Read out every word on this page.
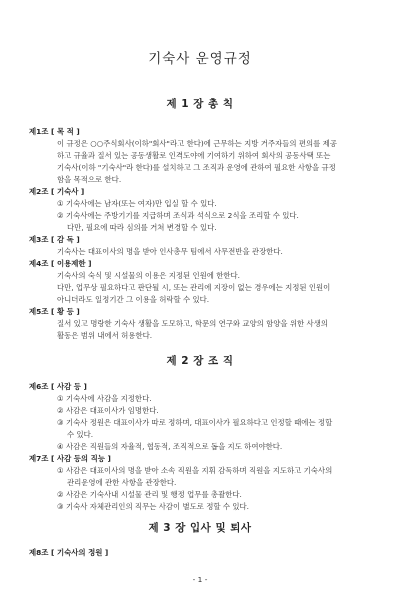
기숙사 운영규정
제 1 장 총 칙
제1조 [ 목 적 ]
이 규정은 ○○주식회사(이하"회사"라고 한다)에 근무하는 지방 거주자들의 편의를 제공
하고 규율과 질서 있는 공동생활로 인격도야에 기여하기 위하여 회사의 공동사택 또는
기숙사(이하 "기숙사"라 한다)를 설치하고 그 조직과 운영에 관하여 필요한 사항을 규정
함을 목적으로 한다.
제2조 [ 기숙사 ]
① 기숙사에는 남자(또는 여자)만 입실 할 수 있다.
② 기숙사에는 주방기기를 지급하며 조식과 석식으로 2식을 조리할 수 있다.
다만, 필요에 따라 심의를 거쳐 변경할 수 있다.
제3조 [ 감 독 ]
기숙사는 대표이사의 명을 받아 인사총무 팀에서 사무전반을 관장한다.
제4조 [ 이용제한 ]
기숙사의 숙식 및 시설물의 이용은 지정된 인원에 한한다.
다만, 업무상 필요하다고 판단될 시, 또는 관리에 지장이 없는 경우에는 지정된 인원이
아니더라도 일정기간 그 이용을 허락할 수 있다.
제5조 [ 황 등 ]
질서 있고 명랑한 기숙사 생활을 도모하고, 학문의 연구와 교양의 함양을 위한 사생의
활동은 범위 내에서 허용한다.
제 2 장 조 직
제6조 [ 사감 등 ]
① 기숙사에 사감을 지정한다.
② 사감은 대표이사가 임명한다.
③ 기숙사 정원은 대표이사가 따로 정하며, 대표이사가 필요하다고 인정할 때에는 정할
수 있다.
④ 사감은 직원들의 자율적, 협동적, 조직적으로 돕을 지도 하여야한다.
제7조 [ 사감 등의 직능 ]
① 사감은 대표이사의 명을 받아 소속 직원을 지휘 감독하며 직원을 지도하고 기숙사의
관리운영에 관한 사항을 관장한다.
② 사감은 기숙사내 시설물 관리 및 행정 업무를 총괄한다.
③ 기숙사 자체관리인의 직무는 사감이 별도로 정할 수 있다.
제 3 장 입사 및 퇴사
제8조 [ 기숙사의 정원 ]
- 1 -
